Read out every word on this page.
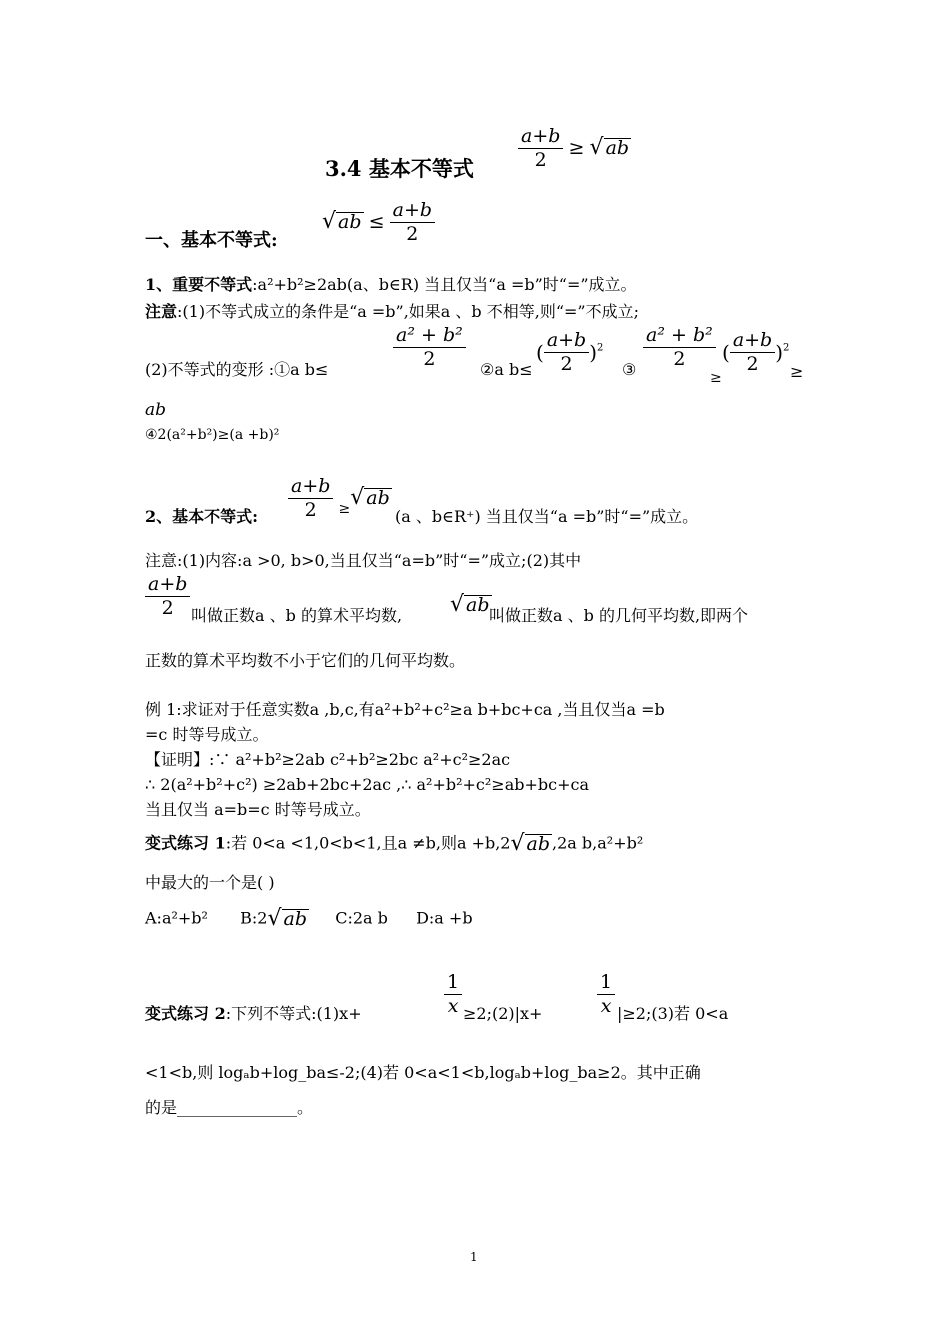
3.4 基本不等式 $\frac{a+b}{2}$ ≥ √ ab
一、基本不等式:
√ ab ≤ $\frac{a+b}{2}$
1、重要不等式:a²+b²≥2ab(a、b∈R) 当且仅当“a =b”时“=”成立。
注意:(1)不等式成立的条件是“a =b”,如果a 、b 不相等,则“=”不成立;
(2)不等式的变形 :①a b≤	$\frac{\text{a² + b²}}{2}$ ②a b≤
( $\frac{a+b}{2} )^2$
③ $\frac{\text{a² + b²}}{2}$
≥
( $\frac{a+b}{2} )^2$
≥
ab
④2(a²+b²)≥(a +b)²
2、基本不等式: $\frac{a+b}{2}$ ≥ √ ab
(a 、b∈R⁺) 当且仅当“a =b”时“=”成立。
注意:(1)内容:a >0, b>0,当且仅当“a=b”时“=”成立;(2)其中
$\frac{a+b}{2}$ 叫做正数a 、b 的算术平均数, √ ab 叫做正数a 、b 的几何平均数,即两个
正数的算术平均数不小于它们的几何平均数。
例 1:求证对于任意实数a ,b,c,有a²+b²+c²≥a b+bc+ca ,当且仅当a =b
=c 时等号成立。
【证明】:∵ a²+b²≥2ab c²+b²≥2bc a²+c²≥2ac
∴ 2(a²+b²+c²) ≥2ab+2bc+2ac ,∴ a²+b²+c²≥ab+bc+ca
当且仅当 a=b=c 时等号成立。
变式练习 1:若 0<a <1,0<b<1,且a ≠b,则a +b,2 √ ab ,2a b,a²+b²
中最大的一个是( )
A:a²+b² B:2 √ ab C:2a b D:a +b
变式练习 2:下列不等式:(1)x+	$\frac{1}{x}$ ≥2;(2)|x+	$\frac{1}{x}$ |≥2;(3)若 0<a
<1<b,则 logₐb+log_ba≤-2;(4)若 0<a<1<b,logₐb+log_ba≥2。其中正确
的是_______________。
1
